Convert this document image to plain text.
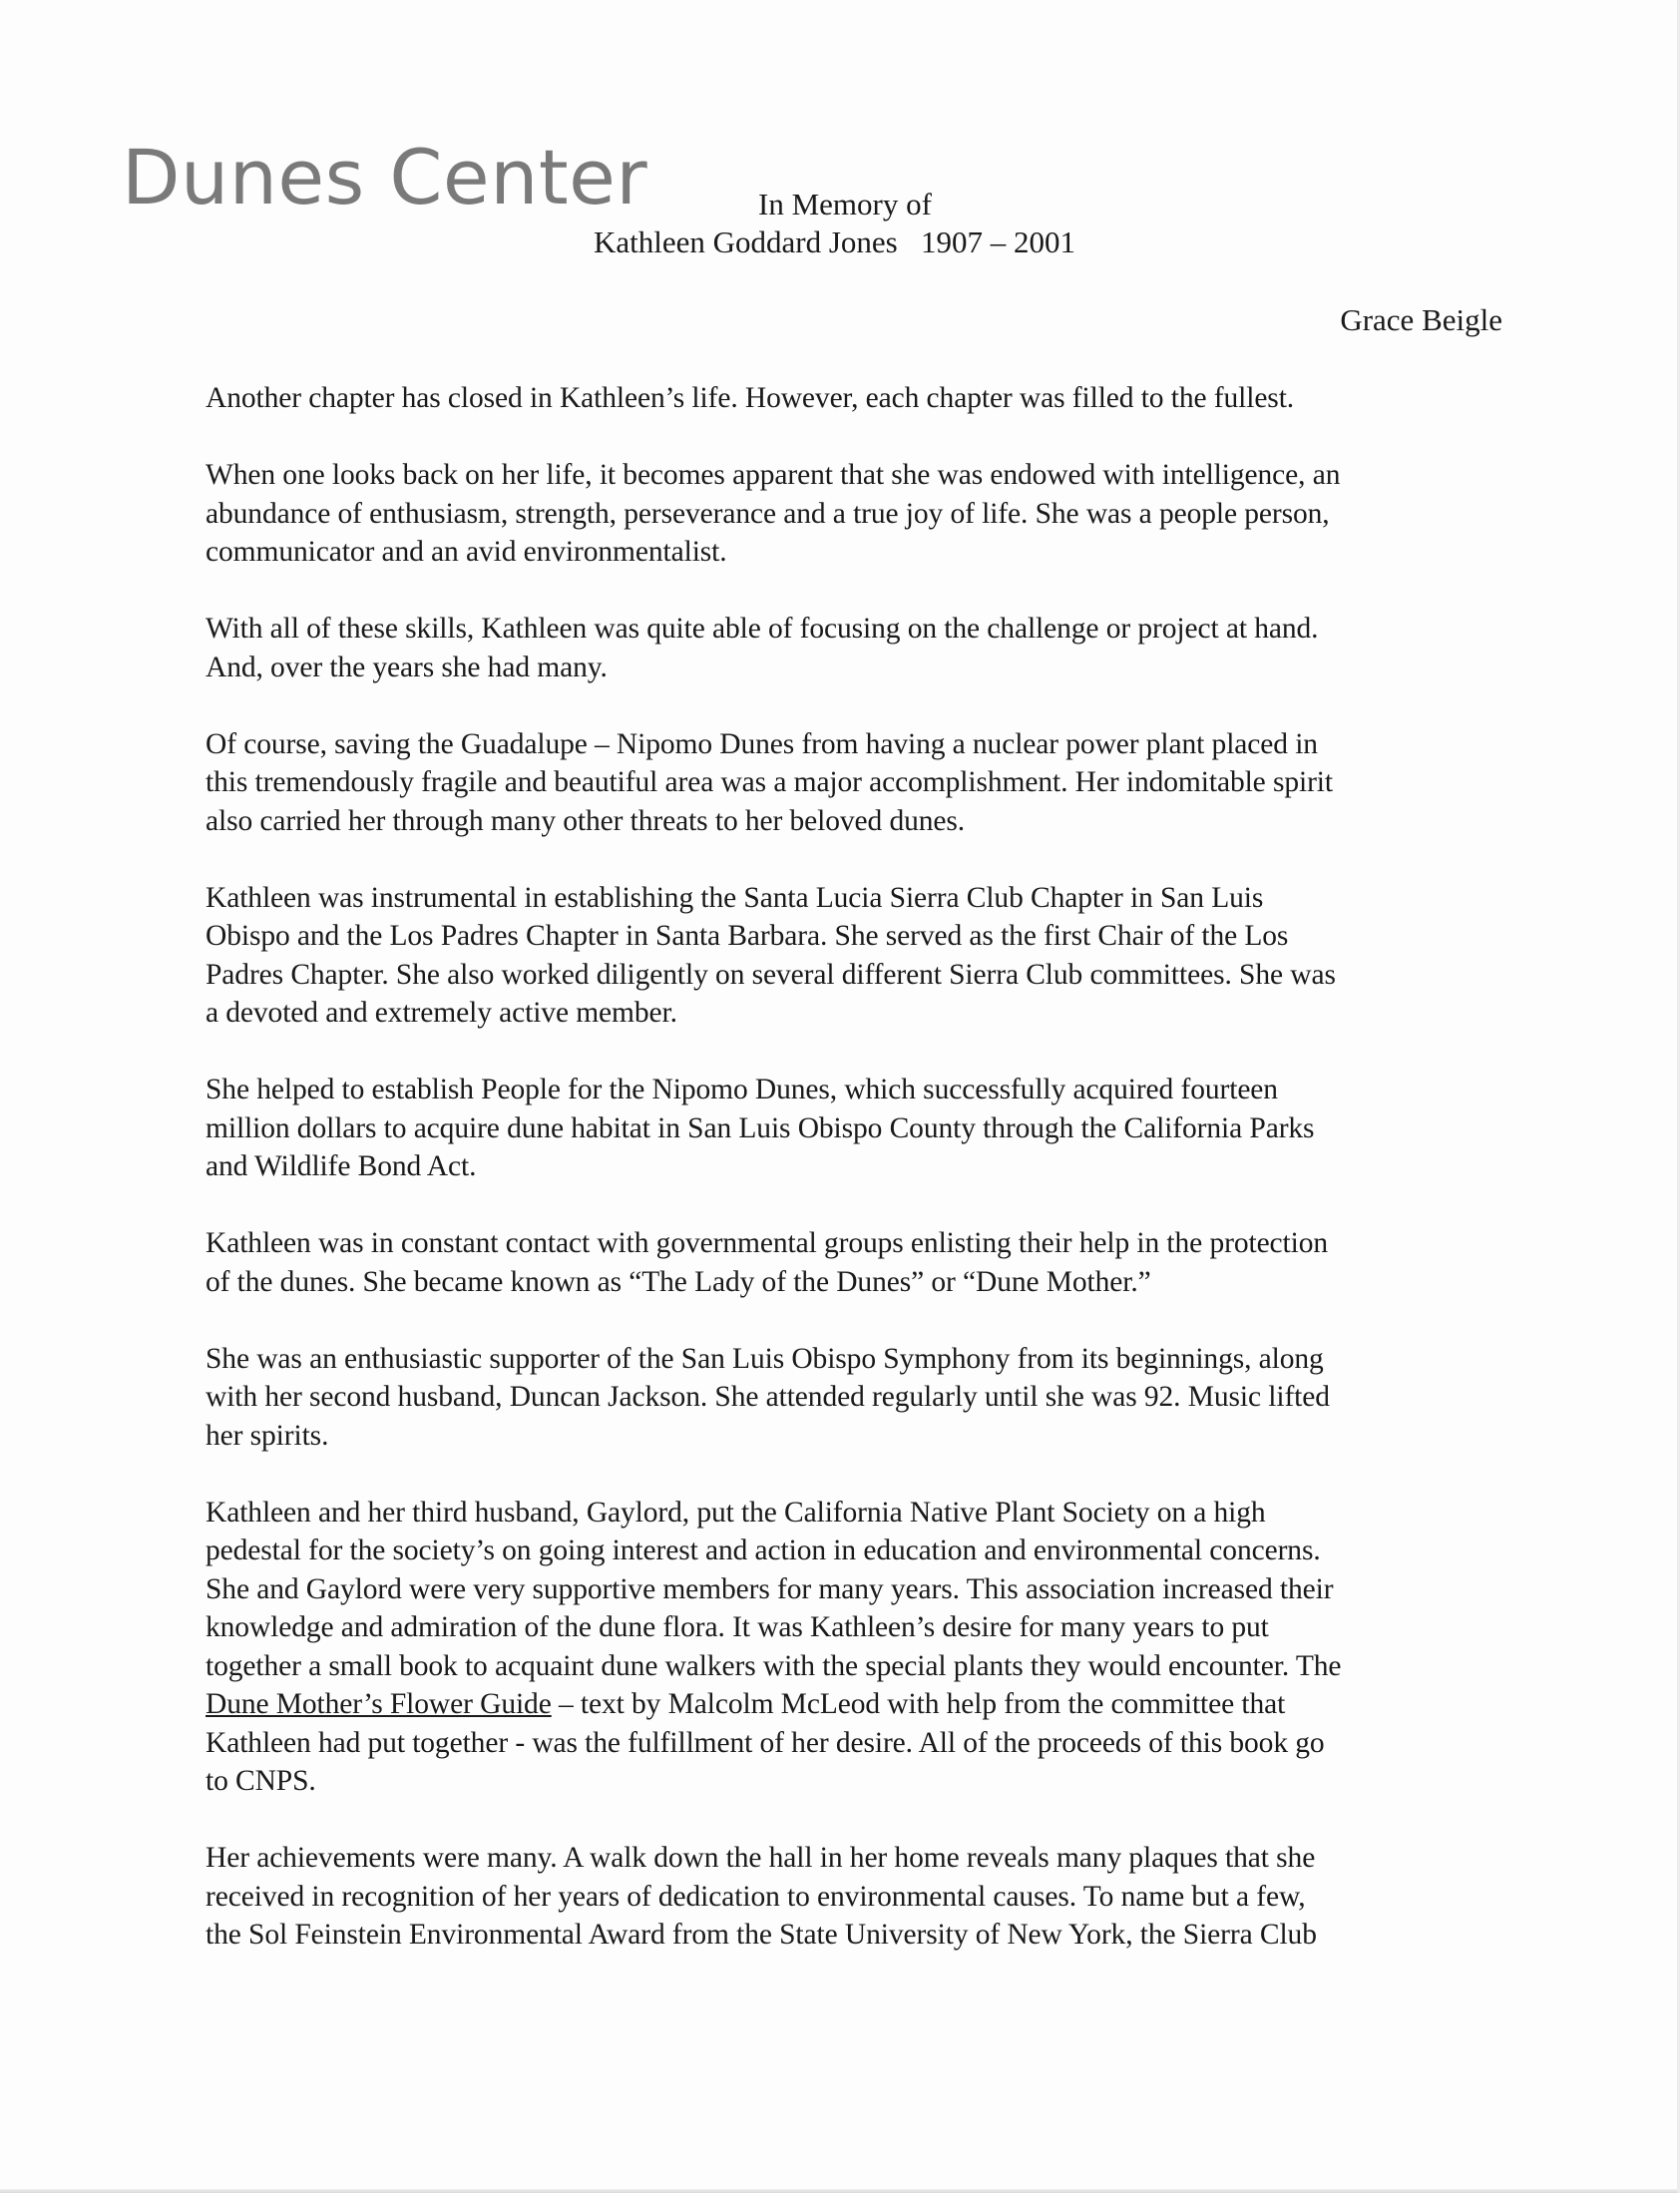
Dunes Center	In Memory of
Kathleen Goddard Jones   1907 – 2001
Grace Beigle

Another chapter has closed in Kathleen’s life. However, each chapter was filled to the fullest.

When one looks back on her life, it becomes apparent that she was endowed with intelligence, an
abundance of enthusiasm, strength, perseverance and a true joy of life. She was a people person,
communicator and an avid environmentalist.

With all of these skills, Kathleen was quite able of focusing on the challenge or project at hand.
And, over the years she had many.

Of course, saving the Guadalupe – Nipomo Dunes from having a nuclear power plant placed in
this tremendously fragile and beautiful area was a major accomplishment. Her indomitable spirit
also carried her through many other threats to her beloved dunes.

Kathleen was instrumental in establishing the Santa Lucia Sierra Club Chapter in San Luis
Obispo and the Los Padres Chapter in Santa Barbara. She served as the first Chair of the Los
Padres Chapter. She also worked diligently on several different Sierra Club committees. She was
a devoted and extremely active member.

She helped to establish People for the Nipomo Dunes, which successfully acquired fourteen
million dollars to acquire dune habitat in San Luis Obispo County through the California Parks
and Wildlife Bond Act.

Kathleen was in constant contact with governmental groups enlisting their help in the protection
of the dunes. She became known as “The Lady of the Dunes” or “Dune Mother.”

She was an enthusiastic supporter of the San Luis Obispo Symphony from its beginnings, along
with her second husband, Duncan Jackson. She attended regularly until she was 92. Music lifted
her spirits.

Kathleen and her third husband, Gaylord, put the California Native Plant Society on a high
pedestal for the society’s on going interest and action in education and environmental concerns.
She and Gaylord were very supportive members for many years. This association increased their
knowledge and admiration of the dune flora. It was Kathleen’s desire for many years to put
together a small book to acquaint dune walkers with the special plants they would encounter. The
Dune Mother’s Flower Guide – text by Malcolm McLeod with help from the committee that
Kathleen had put together - was the fulfillment of her desire. All of the proceeds of this book go
to CNPS.

Her achievements were many. A walk down the hall in her home reveals many plaques that she
received in recognition of her years of dedication to environmental causes. To name but a few,
the Sol Feinstein Environmental Award from the State University of New York, the Sierra Club
